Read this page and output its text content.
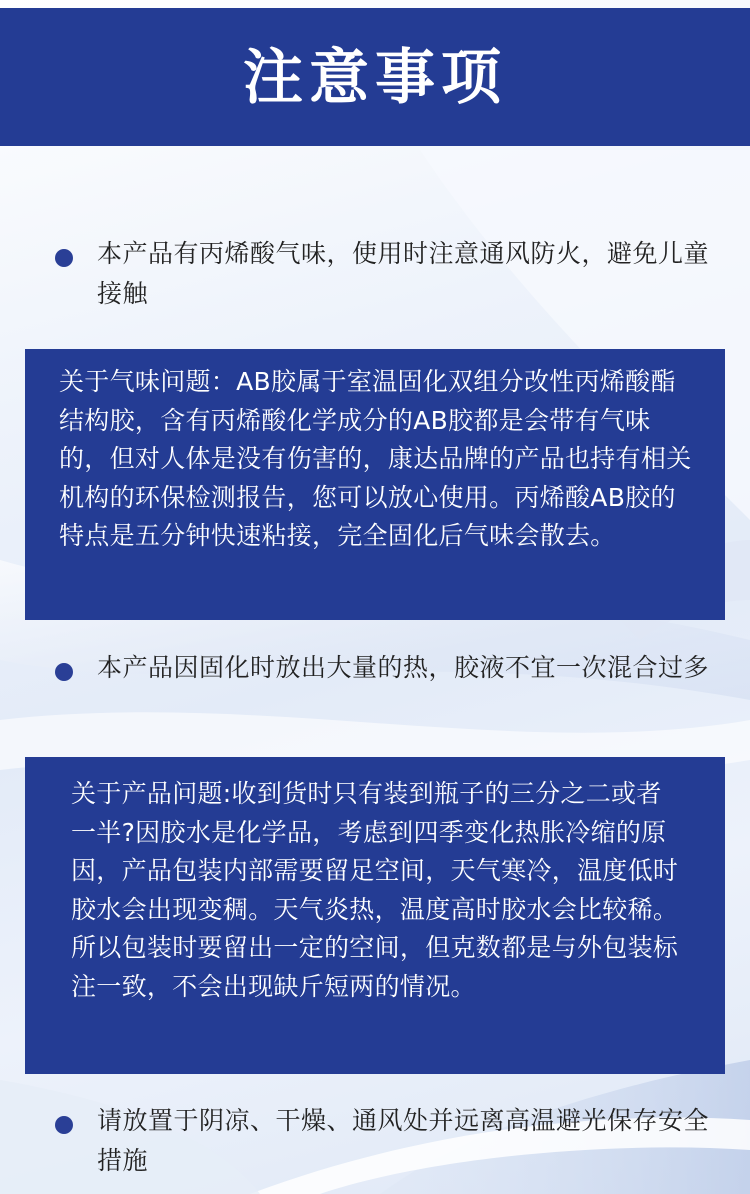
注意事项
本产品有丙烯酸气味，使用时注意通风防火，避免儿童接触
关于气味问题：AB胶属于室温固化双组分改性丙烯酸酯结构胶，含有丙烯酸化学成分的AB胶都是会带有气味的，但对人体是没有伤害的，康达品牌的产品也持有相关机构的环保检测报告，您可以放心使用。丙烯酸AB胶的特点是五分钟快速粘接，完全固化后气味会散去。
本产品因固化时放出大量的热，胶液不宜一次混合过多
关于产品问题:收到货时只有装到瓶子的三分之二或者一半?因胶水是化学品，考虑到四季变化热胀冷缩的原因，产品包装内部需要留足空间，天气寒冷，温度低时胶水会出现变稠。天气炎热，温度高时胶水会比较稀。所以包装时要留出一定的空间，但克数都是与外包装标注一致，不会出现缺斤短两的情况。
请放置于阴凉、干燥、通风处并远离高温避光保存安全措施
